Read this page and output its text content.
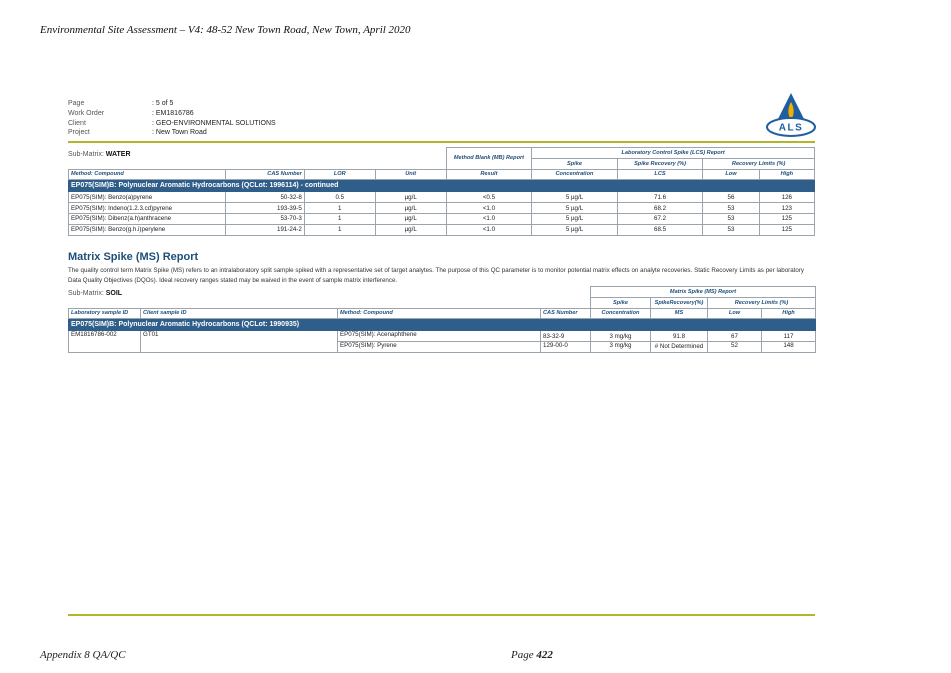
Environmental Site Assessment – V4: 48-52 New Town Road, New Town, April 2020
Page	: 5 of 5
Work Order	: EM1816786
Client	: GEO-ENVIRONMENTAL SOLUTIONS
Project	: New Town Road	ALS
Sub-Matrix: WATER
				Method Blank (MB) Report	Laboratory Control Spike (LCS) Report			
					Spike	Spike Recovery (%)	Recovery Limits (%)	
Method: Compound	CAS Number	LOR	Unit	Result	Concentration	LCS	Low	High
EP075(SIM)B: Polynuclear Aromatic Hydrocarbons (QCLot: 1996114) - continued								
EP075(SIM): Benzo(a)pyrene	50-32-8	0.5	µg/L	<0.5	5 µg/L	71.6	56	126
EP075(SIM): Indeno(1.2.3.cd)pyrene	193-39-5	1	µg/L	<1.0	5 µg/L	68.2	53	123
EP075(SIM): Dibenz(a.h)anthracene	53-70-3	1	µg/L	<1.0	5 µg/L	67.2	53	125
EP075(SIM): Benzo(g.h.i)perylene	191-24-2	1	µg/L	<1.0	5 µg/L	68.5	53	125
Matrix Spike (MS) Report
The quality control term Matrix Spike (MS) refers to an intralaboratory split sample spiked with a representative set of target analytes. The purpose of this QC parameter is to monitor potential matrix effects on analyte recoveries. Static Recovery Limits as per laboratory Data Quality Objectives (DQOs). Ideal recovery ranges stated may be waived in the event of sample matrix interference.
Sub-Matrix: SOIL
				Matrix Spike (MS) Report			
				Spike	SpikeRecovery(%)	Recovery Limits (%)	
Laboratory sample ID	Client sample ID	Method: Compound	CAS Number	Concentration	MS	Low	High
EP075(SIM)B: Polynuclear Aromatic Hydrocarbons (QCLot: 1990935)							
EM1816786-002	GT01	EP075(SIM): Acenaphthene	83-32-9	3 mg/kg	91.8	67	117
		EP075(SIM): Pyrene	129-00-0	3 mg/kg	# Not Determined	52	148
Appendix 8 QA/QC	Page 422
